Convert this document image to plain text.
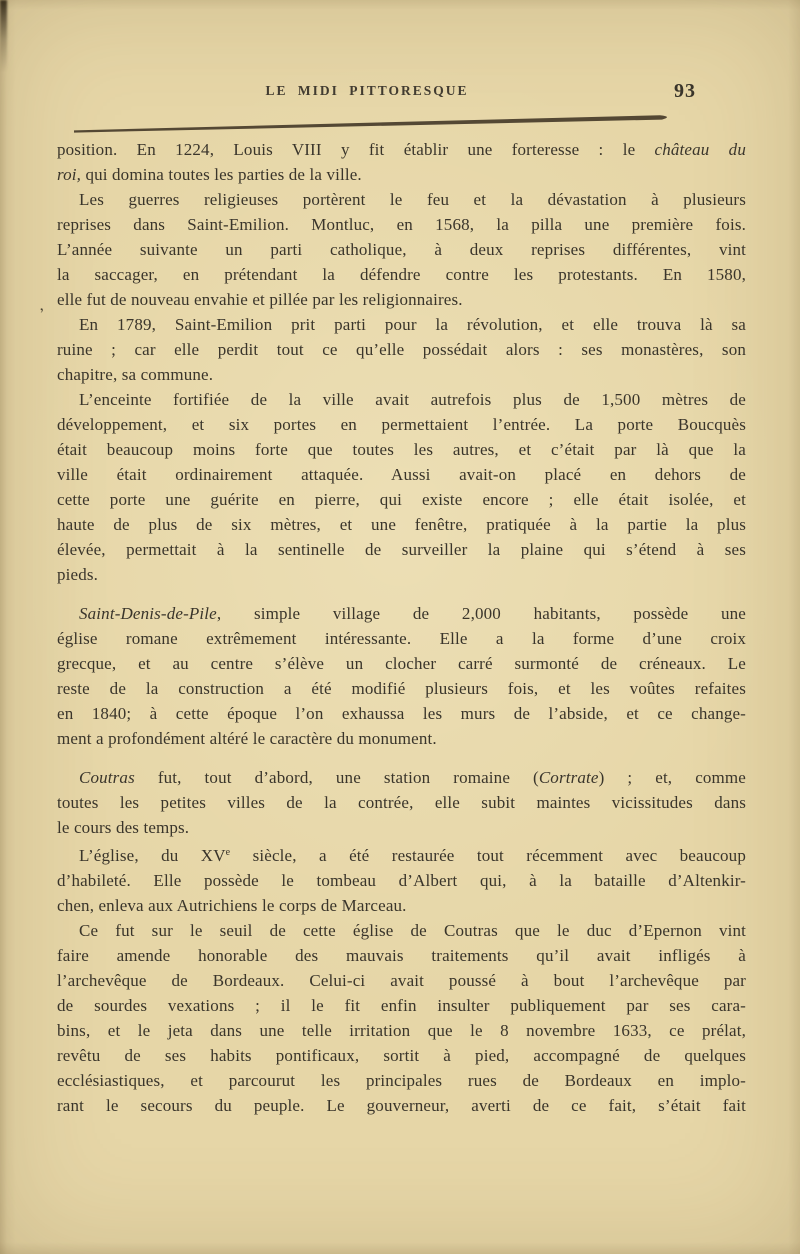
LE MIDI PITTORESQUE	93
position. En 1224, Louis VIII y fit établir une forteresse : le château du
roi, qui domina toutes les parties de la ville.
Les guerres religieuses portèrent le feu et la dévastation à plusieurs
reprises dans Saint-Emilion. Montluc, en 1568, la pilla une première fois.
L’année suivante un parti catholique, à deux reprises différentes, vint
la saccager, en prétendant la défendre contre les protestants. En 1580,
elle fut de nouveau envahie et pillée par les religionnaires.
En 1789, Saint-Emilion prit parti pour la révolution, et elle trouva là sa
ruine ; car elle perdit tout ce qu’elle possédait alors : ses monastères, son
chapitre, sa commune.
L’enceinte fortifiée de la ville avait autrefois plus de 1,500 mètres de
développement, et six portes en permettaient l’entrée. La porte Boucquès
était beaucoup moins forte que toutes les autres, et c’était par là que la
ville était ordinairement attaquée. Aussi avait-on placé en dehors de
cette porte une guérite en pierre, qui existe encore ; elle était isolée, et
haute de plus de six mètres, et une fenêtre, pratiquée à la partie la plus
élevée, permettait à la sentinelle de surveiller la plaine qui s’étend à ses
pieds.
Saint-Denis-de-Pile, simple village de 2,000 habitants, possède une
église romane extrêmement intéressante. Elle a la forme d’une croix
grecque, et au centre s’élève un clocher carré surmonté de créneaux. Le
reste de la construction a été modifié plusieurs fois, et les voûtes refaites
en 1840; à cette époque l’on exhaussa les murs de l’abside, et ce change-
ment a profondément altéré le caractère du monument.
Coutras fut, tout d’abord, une station romaine (Cortrate) ; et, comme
toutes les petites villes de la contrée, elle subit maintes vicissitudes dans
le cours des temps.
L’église, du XVe siècle, a été restaurée tout récemment avec beaucoup
d’habileté. Elle possède le tombeau d’Albert qui, à la bataille d’Altenkir-
chen, enleva aux Autrichiens le corps de Marceau.
Ce fut sur le seuil de cette église de Coutras que le duc d’Epernon vint
faire amende honorable des mauvais traitements qu’il avait infligés à
l’archevêque de Bordeaux. Celui-ci avait poussé à bout l’archevêque par
de sourdes vexations ; il le fit enfin insulter publiquement par ses cara-
bins, et le jeta dans une telle irritation que le 8 novembre 1633, ce prélat,
revêtu de ses habits pontificaux, sortit à pied, accompagné de quelques
ecclésiastiques, et parcourut les principales rues de Bordeaux en implo-
rant le secours du peuple. Le gouverneur, averti de ce fait, s’était fait
,
